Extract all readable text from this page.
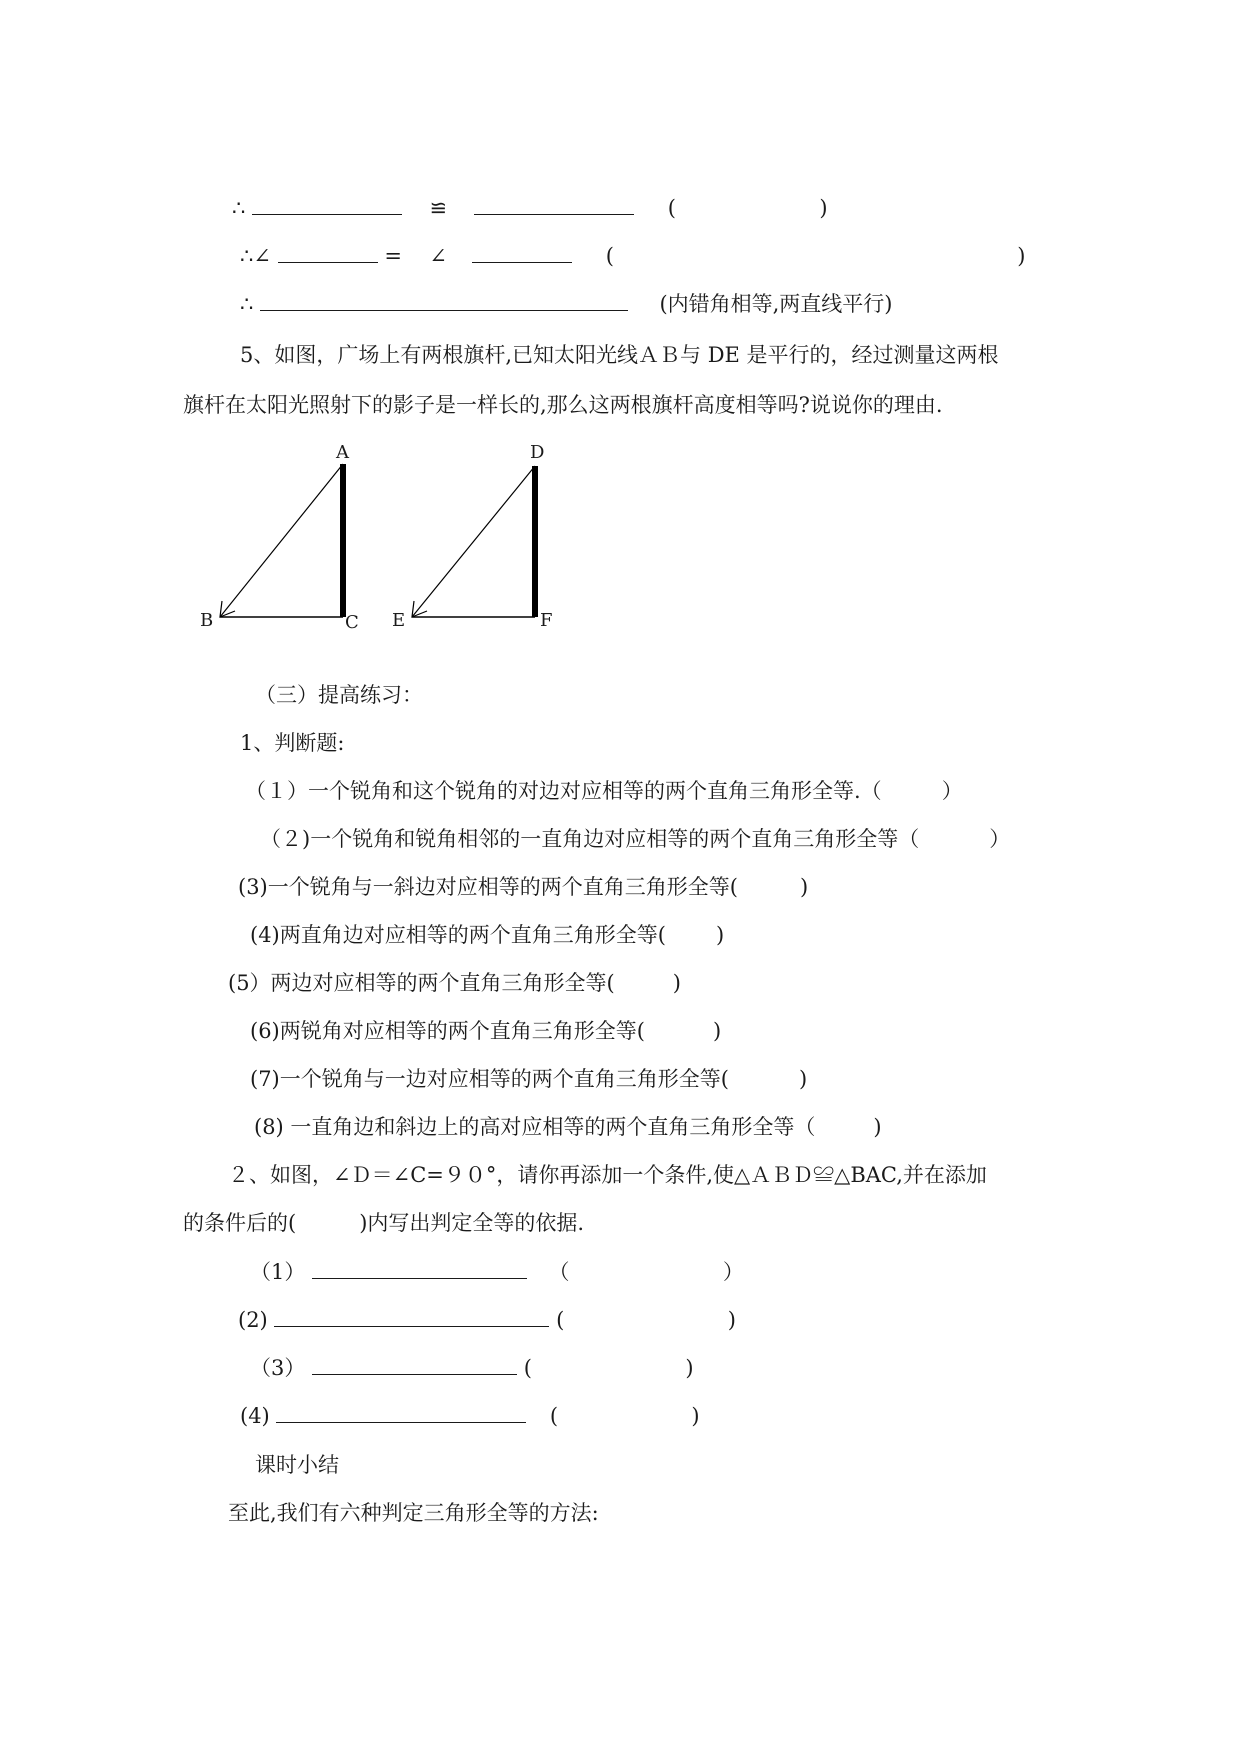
∴	≌	(	)
∴∠	= ∠	(	)
∴	(内错角相等,两直线平行)
5、如图，广场上有两根旗杆,已知太阳光线ＡＢ与 DE 是平行的，经过测量这两根
旗杆在太阳光照射下的影子是一样长的,那么这两根旗杆高度相等吗?说说你的理由.
A
B	C
D
E	F
（三）提高练习：
1、判断题:
（１）一个锐角和这个锐角的对边对应相等的两个直角三角形全等.（	）
（２)一个锐角和锐角相邻的一直角边对应相等的两个直角三角形全等（	）
(3)一个锐角与一斜边对应相等的两个直角三角形全等(	)
(4)两直角边对应相等的两个直角三角形全等( )
(5）两边对应相等的两个直角三角形全等(	)
(6)两锐角对应相等的两个直角三角形全等(	)
(7)一个锐角与一边对应相等的两个直角三角形全等(	)
(8) 一直角边和斜边上的高对应相等的两个直角三角形全等（	)
２、如图，∠Ｄ＝∠C=９０°，请你再添加一个条件,使△ＡＢＤ≌△BAC,并在添加
的条件后的(　　　)内写出判定全等的依据.
（1）	（	）
(2)	(	)
（3）	(	)
(4)	(	)
课时小结
至此,我们有六种判定三角形全等的方法:
